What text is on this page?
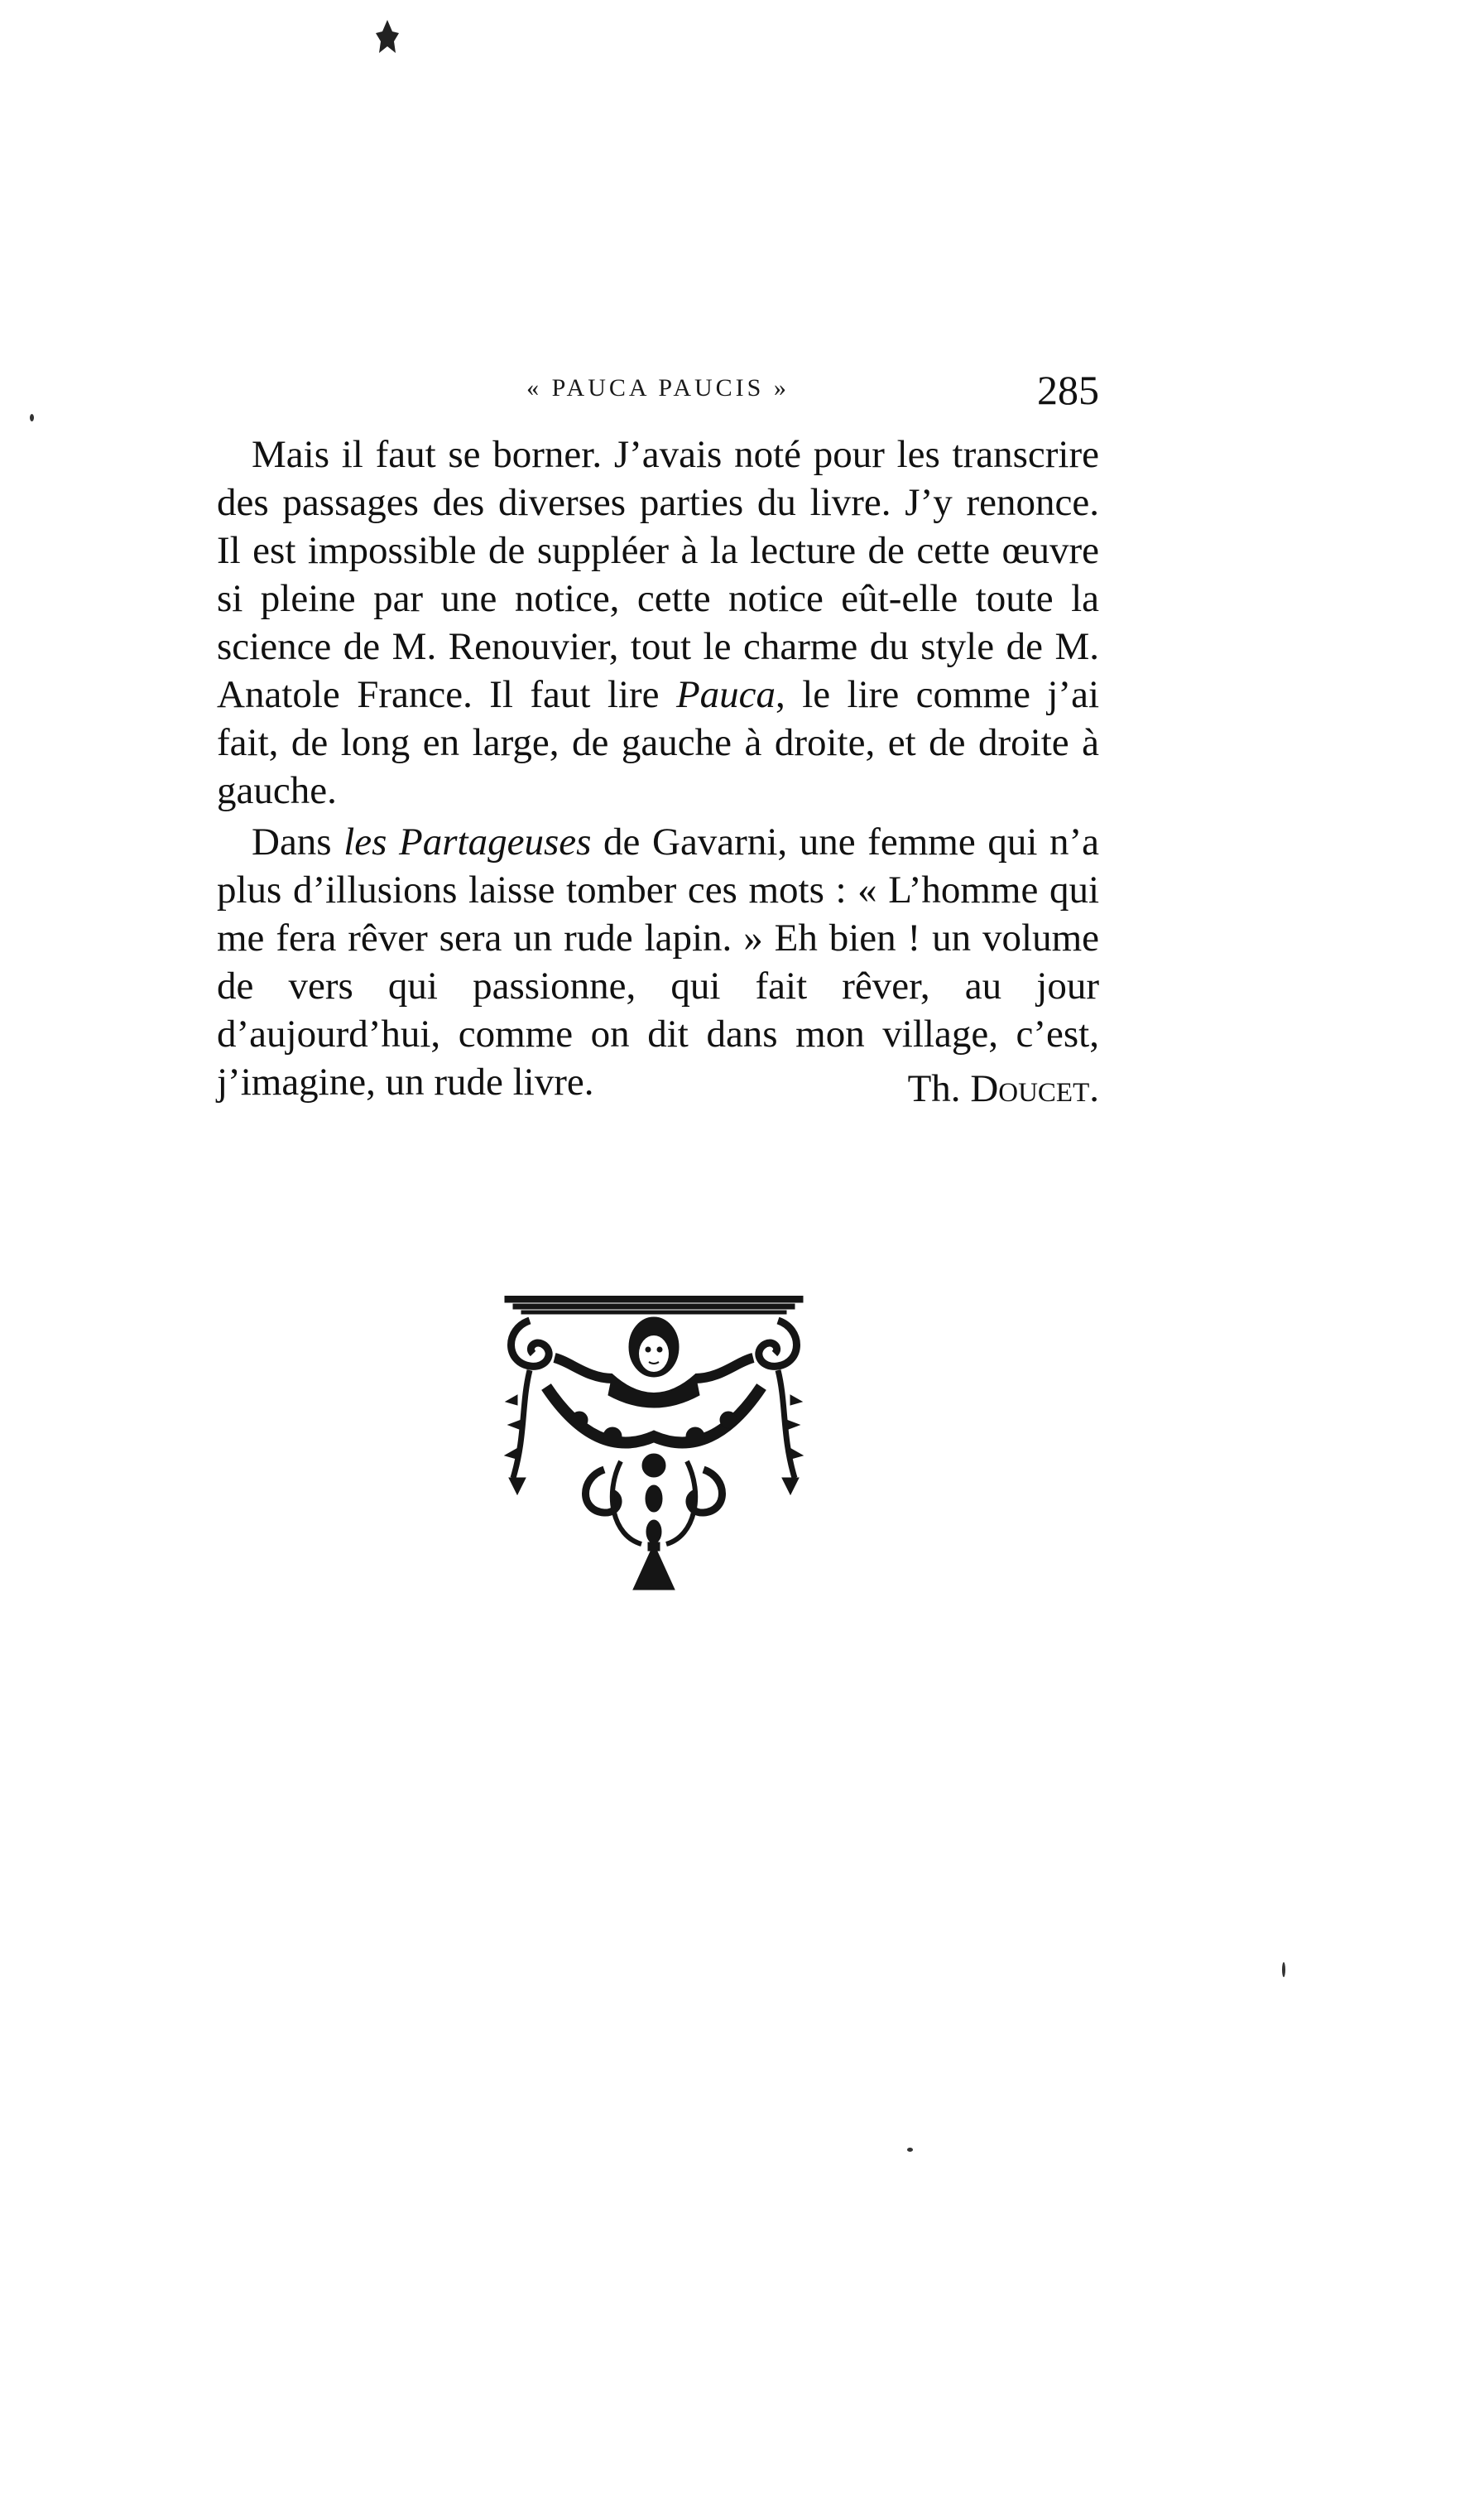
« PAUCA PAUCIS »	285

Mais il faut se borner. J’avais noté pour les transcrire des passages des diverses parties du livre. J’y renonce. Il est impossible de suppléer à la lecture de cette œuvre si pleine par une notice, cette notice eût-elle toute la science de M. Renouvier, tout le charme du style de M. Anatole France. Il faut lire Pauca, le lire comme j’ai fait, de long en large, de gauche à droite, et de droite à gauche.

Dans les Partageuses de Gavarni, une femme qui n’a plus d’illusions laisse tomber ces mots : « L’homme qui me fera rêver sera un rude lapin. » Eh bien ! un volume de vers qui passionne, qui fait rêver, au jour d’aujourd’hui, comme on dit dans mon village, c’est, j’imagine, un rude livre.	Th. Doucet.
